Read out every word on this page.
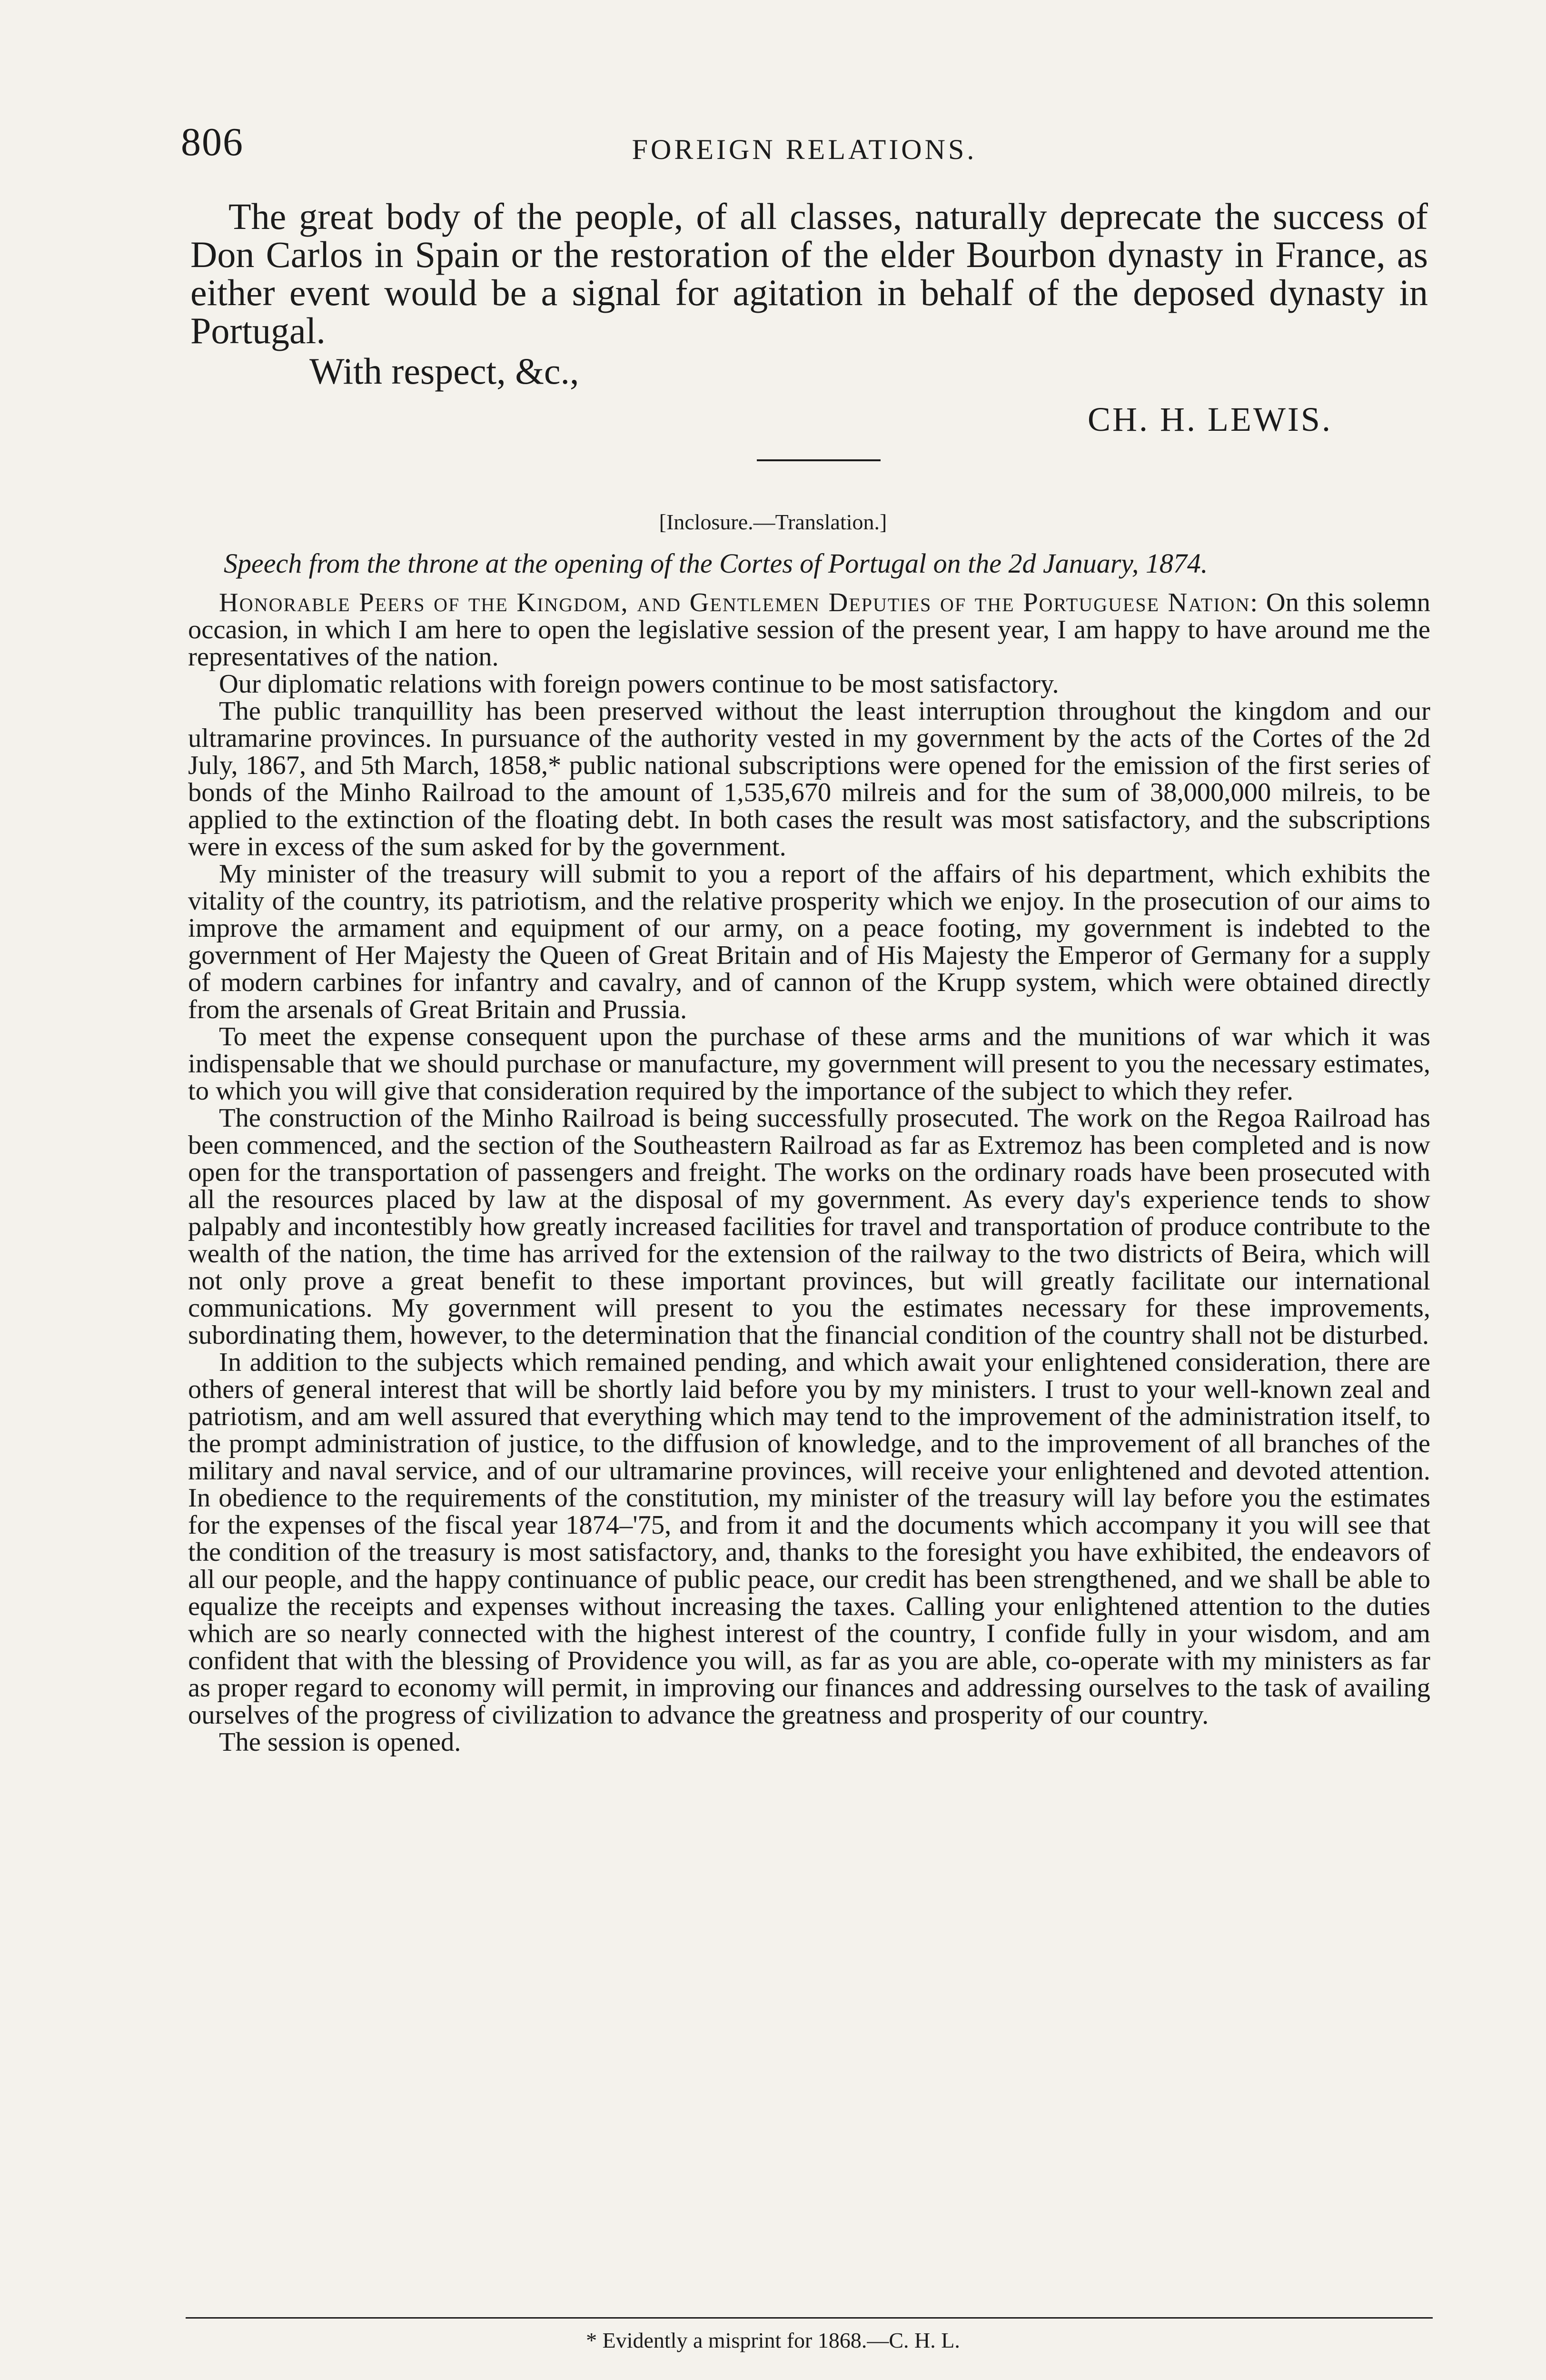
806	FOREIGN RELATIONS.

The great body of the people, of all classes, naturally deprecate the success of Don Carlos in Spain or the restoration of the elder Bourbon dynasty in France, as either event would be a signal for agitation in behalf of the deposed dynasty in Portugal.

With respect, &c.,
CH. H. LEWIS.
[Inclosure.—Translation.]
Speech from the throne at the opening of the Cortes of Portugal on the 2d January, 1874.

Honorable Peers of the Kingdom, and Gentlemen Deputies of the Portuguese Nation: On this solemn occasion, in which I am here to open the legislative session of the present year, I am happy to have around me the representatives of the nation.

Our diplomatic relations with foreign powers continue to be most satisfactory.

The public tranquillity has been preserved without the least interruption throughout the kingdom and our ultramarine provinces. In pursuance of the authority vested in my government by the acts of the Cortes of the 2d July, 1867, and 5th March, 1858,* public national subscriptions were opened for the emission of the first series of bonds of the Minho Railroad to the amount of 1,535,670 milreis and for the sum of 38,000,000 milreis, to be applied to the extinction of the floating debt. In both cases the result was most satisfactory, and the subscriptions were in excess of the sum asked for by the government.

My minister of the treasury will submit to you a report of the affairs of his department, which exhibits the vitality of the country, its patriotism, and the relative prosperity which we enjoy. In the prosecution of our aims to improve the armament and equipment of our army, on a peace footing, my government is indebted to the government of Her Majesty the Queen of Great Britain and of His Majesty the Emperor of Germany for a supply of modern carbines for infantry and cavalry, and of cannon of the Krupp system, which were obtained directly from the arsenals of Great Britain and Prussia.

To meet the expense consequent upon the purchase of these arms and the munitions of war which it was indispensable that we should purchase or manufacture, my government will present to you the necessary estimates, to which you will give that consideration required by the importance of the subject to which they refer.

The construction of the Minho Railroad is being successfully prosecuted. The work on the Regoa Railroad has been commenced, and the section of the Southeastern Railroad as far as Extremoz has been completed and is now open for the transportation of passengers and freight. The works on the ordinary roads have been prosecuted with all the resources placed by law at the disposal of my government. As every day's experience tends to show palpably and incontestibly how greatly increased facilities for travel and transportation of produce contribute to the wealth of the nation, the time has arrived for the extension of the railway to the two districts of Beira, which will not only prove a great benefit to these important provinces, but will greatly facilitate our international communications. My government will present to you the estimates necessary for these improvements, subordinating them, however, to the determination that the financial condition of the country shall not be disturbed.

In addition to the subjects which remained pending, and which await your enlightened consideration, there are others of general interest that will be shortly laid before you by my ministers. I trust to your well-known zeal and patriotism, and am well assured that everything which may tend to the improvement of the administration itself, to the prompt administration of justice, to the diffusion of knowledge, and to the improvement of all branches of the military and naval service, and of our ultramarine provinces, will receive your enlightened and devoted attention. In obedience to the requirements of the constitution, my minister of the treasury will lay before you the estimates for the expenses of the fiscal year 1874–'75, and from it and the documents which accompany it you will see that the condition of the treasury is most satisfactory, and, thanks to the foresight you have exhibited, the endeavors of all our people, and the happy continuance of public peace, our credit has been strengthened, and we shall be able to equalize the receipts and expenses without increasing the taxes. Calling your enlightened attention to the duties which are so nearly connected with the highest interest of the country, I confide fully in your wisdom, and am confident that with the blessing of Providence you will, as far as you are able, co-operate with my ministers as far as proper regard to economy will permit, in improving our finances and addressing ourselves to the task of availing ourselves of the progress of civilization to advance the greatness and prosperity of our country.

The session is opened.

* Evidently a misprint for 1868.—C. H. L.
